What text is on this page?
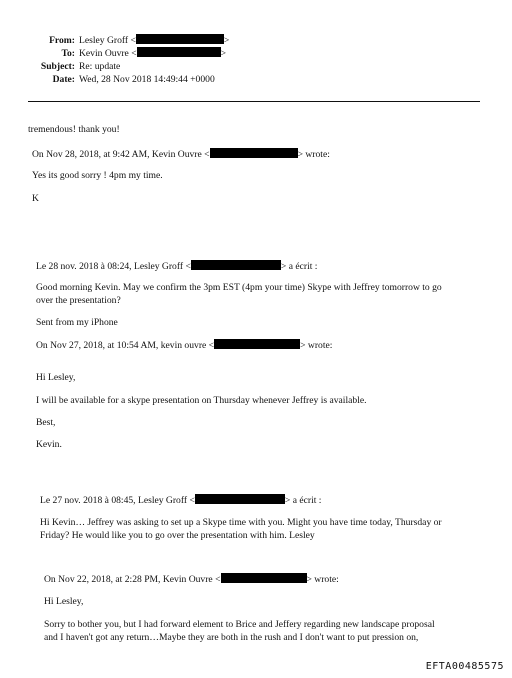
From: Lesley Groff <	>
To: Kevin Ouvre <	>
Subject: Re: update
Date: Wed, 28 Nov 2018 14:49:44 +0000
tremendous! thank you!
On Nov 28, 2018, at 9:42 AM, Kevin Ouvre <	> wrote:
Yes its good sorry ! 4pm my time.
K
Le 28 nov. 2018 à 08:24, Lesley Groff <	> a écrit :
Good morning Kevin. May we confirm the 3pm EST (4pm your time) Skype with Jeffrey tomorrow to go
over the presentation?
Sent from my iPhone
On Nov 27, 2018, at 10:54 AM, kevin ouvre <	> wrote:
Hi Lesley,
I will be available for a skype presentation on Thursday whenever Jeffrey is available.
Best,
Kevin.
Le 27 nov. 2018 à 08:45, Lesley Groff <	> a écrit :
Hi Kevin… Jeffrey was asking to set up a Skype time with you. Might you have time today, Thursday or
Friday? He would like you to go over the presentation with him. Lesley
On Nov 22, 2018, at 2:28 PM, Kevin Ouvre <	> wrote:
Hi Lesley,
Sorry to bother you, but I had forward element to Brice and Jeffery regarding new landscape proposal
and I haven't got any return…Maybe they are both in the rush and I don't want to put pression on,
EFTA00485575
